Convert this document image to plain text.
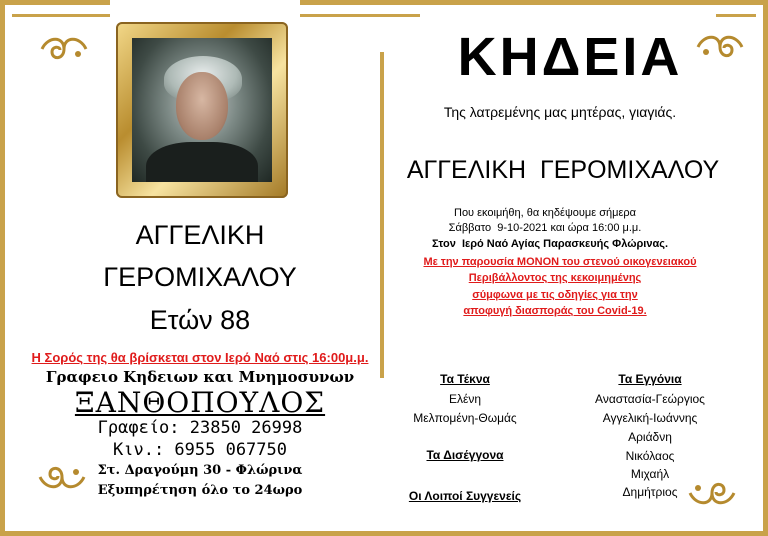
ΑΓΓΕΛΙΚΗ
ΓΕΡΟΜΙΧΑΛΟΥ
Ετών 88
Η Σορός της θα βρίσκεται στον Ιερό Ναό στις 16:00μ.μ.
Γραφειο Κηδειων και Μνημοσυνων
ΞΑΝΘΟΠΟΥΛΟΣ
Γραφείο: 23850 26998
Κιν.: 6955 067750
Στ. Δραγούμη 30 - Φλώρινα
Εξυπηρέτηση όλο το 24ωρο
ΚΗΔΕΙΑ
Της λατρεμένης μας μητέρας, γιαγιάς.
ΑΓΓΕΛΙΚΗ  ΓΕΡΟΜΙΧΑΛΟΥ
Που εκοιμήθη, θα κηδέψουμε σήμερα
Σάββατο  9-10-2021 και ώρα 16:00 μ.μ.
Στον  Ιερό Ναό Αγίας Παρασκευής Φλώρινας.
Με την παρουσία ΜΟΝΟΝ του στενού οικογενειακού
Περιβάλλοντος της κεκοιμημένης
σύμφωνα με τις οδηγίες για την
αποφυγή διασποράς του Covid-19.
Τα Τέκνα
Ελένη
Μελπομένη-Θωμάς
Τα Δισέγγονα
Οι Λοιποί Συγγενείς
Τα Εγγόνια
Αναστασία-Γεώργιος
Αγγελική-Ιωάννης
Αριάδνη
Νικόλαος
Μιχαήλ
Δημήτριος
